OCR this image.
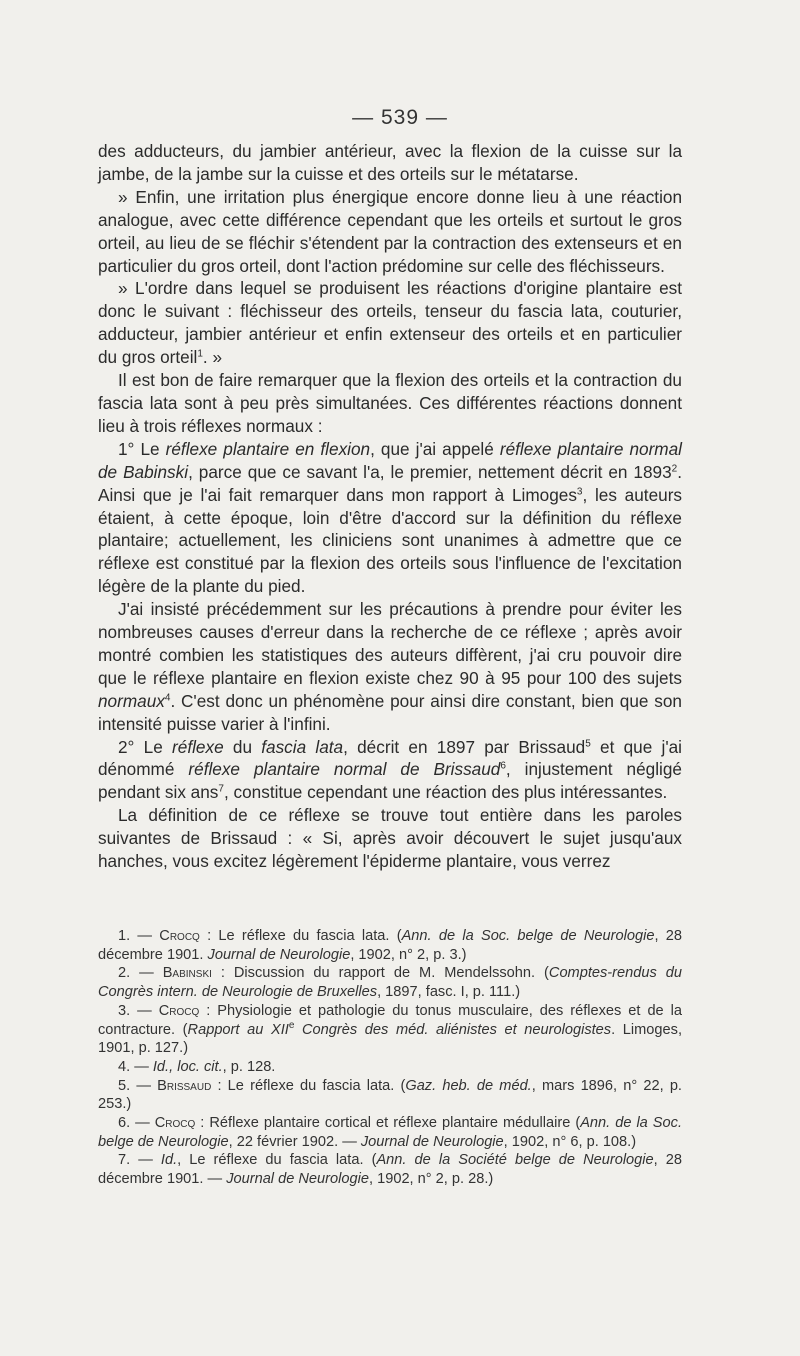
— 539 —

des adducteurs, du jambier antérieur, avec la flexion de la cuisse sur la jambe, de la jambe sur la cuisse et des orteils sur le métatarse.

» Enfin, une irritation plus énergique encore donne lieu à une réaction analogue, avec cette différence cependant que les orteils et surtout le gros orteil, au lieu de se fléchir s'étendent par la contraction des extenseurs et en particulier du gros orteil, dont l'action prédomine sur celle des fléchisseurs.

» L'ordre dans lequel se produisent les réactions d'origine plantaire est donc le suivant : fléchisseur des orteils, tenseur du fascia lata, couturier, adducteur, jambier antérieur et enfin extenseur des orteils et en particulier du gros orteil$^1$. »

Il est bon de faire remarquer que la flexion des orteils et la contraction du fascia lata sont à peu près simultanées. Ces différentes réactions donnent lieu à trois réflexes normaux :

1° Le réflexe plantaire en flexion, que j'ai appelé réflexe plantaire normal de Babinski, parce que ce savant l'a, le premier, nettement décrit en 1893$^2$. Ainsi que je l'ai fait remarquer dans mon rapport à Limoges$^3$, les auteurs étaient, à cette époque, loin d'être d'accord sur la définition du réflexe plantaire; actuellement, les cliniciens sont unanimes à admettre que ce réflexe est constitué par la flexion des orteils sous l'influence de l'excitation légère de la plante du pied.

J'ai insisté précédemment sur les précautions à prendre pour éviter les nombreuses causes d'erreur dans la recherche de ce réflexe ; après avoir montré combien les statistiques des auteurs diffèrent, j'ai cru pouvoir dire que le réflexe plantaire en flexion existe chez 90 à 95 pour 100 des sujets normaux$^4$. C'est donc un phénomène pour ainsi dire constant, bien que son intensité puisse varier à l'infini.

2° Le réflexe du fascia lata, décrit en 1897 par Brissaud$^5$ et que j'ai dénommé réflexe plantaire normal de Brissaud$^6$, injustement négligé pendant six ans$^7$, constitue cependant une réaction des plus intéressantes.

La définition de ce réflexe se trouve tout entière dans les paroles suivantes de Brissaud : « Si, après avoir découvert le sujet jusqu'aux hanches, vous excitez légèrement l'épiderme plantaire, vous verrez

1. — Crocq : Le réflexe du fascia lata. (Ann. de la Soc. belge de Neurologie, 28 décembre 1901. Journal de Neurologie, 1902, n° 2, p. 3.)

2. — Babinski : Discussion du rapport de M. Mendelssohn. (Comptes-rendus du Congrès intern. de Neurologie de Bruxelles, 1897, fasc. I, p. 111.)

3. — Crocq : Physiologie et pathologie du tonus musculaire, des réflexes et de la contracture. (Rapport au XIIe Congrès des méd. aliénistes et neurologistes. Limoges, 1901, p. 127.)

4. — Id., loc. cit., p. 128.

5. — Brissaud : Le réflexe du fascia lata. (Gaz. heb. de méd., mars 1896, n° 22, p. 253.)

6. — Crocq : Réflexe plantaire cortical et réflexe plantaire médullaire (Ann. de la Soc. belge de Neurologie, 22 février 1902. — Journal de Neurologie, 1902, n° 6, p. 108.)

7. — Id., Le réflexe du fascia lata. (Ann. de la Société belge de Neurologie, 28 décembre 1901. — Journal de Neurologie, 1902, n° 2, p. 28.)
